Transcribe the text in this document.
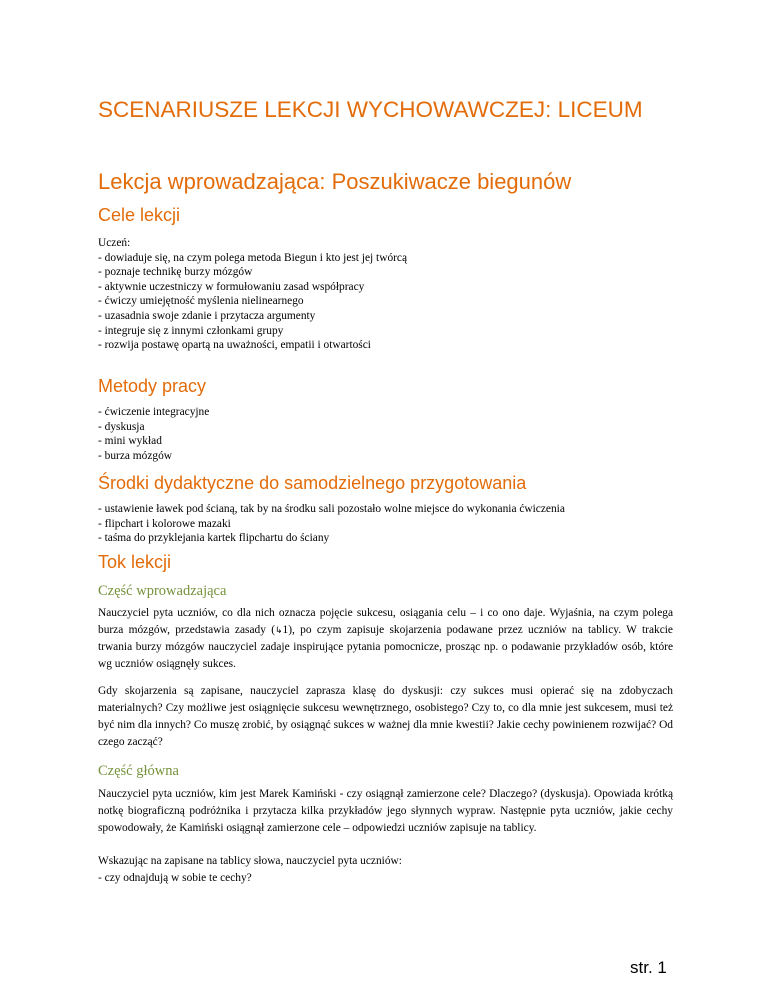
SCENARIUSZE LEKCJI WYCHOWAWCZEJ: LICEUM
Lekcja wprowadzająca: Poszukiwacze biegunów
Cele lekcji
Uczeń:
- dowiaduje się, na czym polega metoda Biegun i kto jest jej twórcą
- poznaje technikę burzy mózgów
- aktywnie uczestniczy w formułowaniu zasad współpracy
- ćwiczy umiejętność myślenia nielinearnego
- uzasadnia swoje zdanie i przytacza argumenty
- integruje się z innymi członkami grupy
- rozwija postawę opartą na uważności, empatii i otwartości
Metody pracy
- ćwiczenie integracyjne
- dyskusja
- mini wykład
- burza mózgów
Środki dydaktyczne do samodzielnego przygotowania
- ustawienie ławek pod ścianą, tak by na środku sali pozostało wolne miejsce do wykonania ćwiczenia
- flipchart i kolorowe mazaki
- taśma do przyklejania kartek flipchartu do ściany
Tok lekcji
Część wprowadzająca
Nauczyciel pyta uczniów, co dla nich oznacza pojęcie sukcesu, osiągania celu – i co ono daje. Wyjaśnia, na czym polega burza mózgów, przedstawia zasady (↳1), po czym zapisuje skojarzenia podawane przez uczniów na tablicy. W trakcie trwania burzy mózgów nauczyciel zadaje inspirujące pytania pomocnicze, prosząc np. o podawanie przykładów osób, które wg uczniów osiągnęły sukces.
Gdy skojarzenia są zapisane, nauczyciel zaprasza klasę do dyskusji: czy sukces musi opierać się na zdobyczach materialnych? Czy możliwe jest osiągnięcie sukcesu wewnętrznego, osobistego? Czy to, co dla mnie jest sukcesem, musi też być nim dla innych? Co muszę zrobić, by osiągnąć sukces w ważnej dla mnie kwestii? Jakie cechy powinienem rozwijać? Od czego zacząć?
Część główna
Nauczyciel pyta uczniów, kim jest Marek Kamiński - czy osiągnął zamierzone cele? Dlaczego? (dyskusja). Opowiada krótką notkę biograficzną podróżnika i przytacza kilka przykładów jego słynnych wypraw. Następnie pyta uczniów, jakie cechy spowodowały, że Kamiński osiągnął zamierzone cele – odpowiedzi uczniów zapisuje na tablicy.
Wskazując na zapisane na tablicy słowa, nauczyciel pyta uczniów:
- czy odnajdują w sobie te cechy?
str. 1
